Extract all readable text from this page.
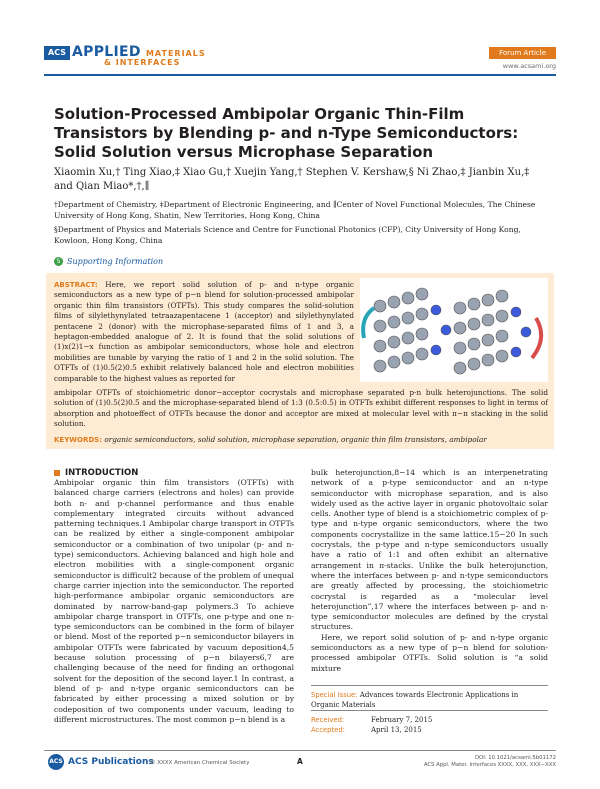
ACS APPLIED MATERIALS
& INTERFACES
Forum Article
www.acsami.org
Solution-Processed Ambipolar Organic Thin-Film Transistors by Blending p- and n-Type Semiconductors: Solid Solution versus Microphase Separation
Xiaomin Xu,† Ting Xiao,‡ Xiao Gu,† Xuejin Yang,† Stephen V. Kershaw,§ Ni Zhao,‡ Jianbin Xu,‡ and Qian Miao*,†,∥

†Department of Chemistry, ‡Department of Electronic Engineering, and ∥Center of Novel Functional Molecules, The Chinese University of Hong Kong, Shatin, New Territories, Hong Kong, China

§Department of Physics and Materials Science and Centre for Functional Photonics (CFP), City University of Hong Kong, Kowloon, Hong Kong, China

S Supporting Information
ABSTRACT: Here, we report solid solution of p- and n-type organic semiconductors as a new type of p−n blend for solution-processed ambipolar organic thin film transistors (OTFTs). This study compares the solid-solution films of silylethynylated tetraazapentacene 1 (acceptor) and silylethynylated pentacene 2 (donor) with the microphase-separated films of 1 and 3, a heptagon-embedded analogue of 2. It is found that the solid solutions of (1)x(2)1−x function as ambipolar semiconductors, whose hole and electron mobilities are tunable by varying the ratio of 1 and 2 in the solid solution. The OTFTs of (1)0.5(2)0.5 exhibit relatively balanced hole and electron mobilities comparable to the highest values as reported for
ambipolar OTFTs of stoichiometric donor−acceptor cocrystals and microphase separated p-n bulk heterojunctions. The solid solution of (1)0.5(2)0.5 and the microphase-separated blend of 1:3 (0.5:0.5) in OTFTs exhibit different responses to light in terms of absorption and photoeffect of OTFTs because the donor and acceptor are mixed at molecular level with π−π stacking in the solid solution.
KEYWORDS: organic semiconductors, solid solution, microphase separation, organic thin film transistors, ambipolar
INTRODUCTION

Ambipolar organic thin film transistors (OTFTs) with balanced charge carriers (electrons and holes) can provide both n- and p-channel performance and thus enable complementary integrated circuits without advanced patterning techniques.1 Ambipolar charge transport in OTFTs can be realized by either a single-component ambipolar semiconductor or a combination of two unipolar (p- and n-type) semiconductors. Achieving balanced and high hole and electron mobilities with a single-component organic semiconductor is difficult2 because of the problem of unequal charge carrier injection into the semiconductor. The reported high-performance ambipolar organic semiconductors are dominated by narrow-band-gap polymers.3 To achieve ambipolar charge transport in OTFTs, one p-type and one n-type semiconductors can be combined in the form of bilayer or blend. Most of the reported p−n semiconductor bilayers in ambipolar OTFTs were fabricated by vacuum deposition4,5 because solution processing of p−n bilayers6,7 are challenging because of the need for finding an orthogonal solvent for the deposition of the second layer.1 In contrast, a blend of p- and n-type organic semiconductors can be fabricated by either processing a mixed solution or by codeposition of two components under vacuum, leading to different microstructures. The most common p−n blend is a

bulk heterojunction,8−14 which is an interpenetrating network of a p-type semiconductor and an n-type semiconductor with microphase separation, and is also widely used as the active layer in organic photovoltaic solar cells. Another type of blend is a stoichiometric complex of p-type and n-type organic semiconductors, where the two components cocrystallize in the same lattice.15−20 In such cocrystals, the p-type and n-type semiconductors usually have a ratio of 1:1 and often exhibit an alternative arrangement in π-stacks. Unlike the bulk heterojunction, where the interfaces between p- and n-type semiconductors are greatly affected by processing, the stoichiometric cocrystal is regarded as a “molecular level heterojunction”,17 where the interfaces between p- and n-type semiconductor molecules are defined by the crystal structures.

Here, we report solid solution of p- and n-type organic semiconductors as a new type of p−n blend for solution-processed ambipolar OTFTs. Solid solution is “a solid mixture

Special Issue: Advances towards Electronic Applications in Organic Materials
Received:	February 7, 2015
Accepted:	April 13, 2015
ACS ACS Publications
© XXXX American Chemical Society	A	DOI: 10.1021/acsami.5b01172
ACS Appl. Mater. Interfaces XXXX, XXX, XXX−XXX
